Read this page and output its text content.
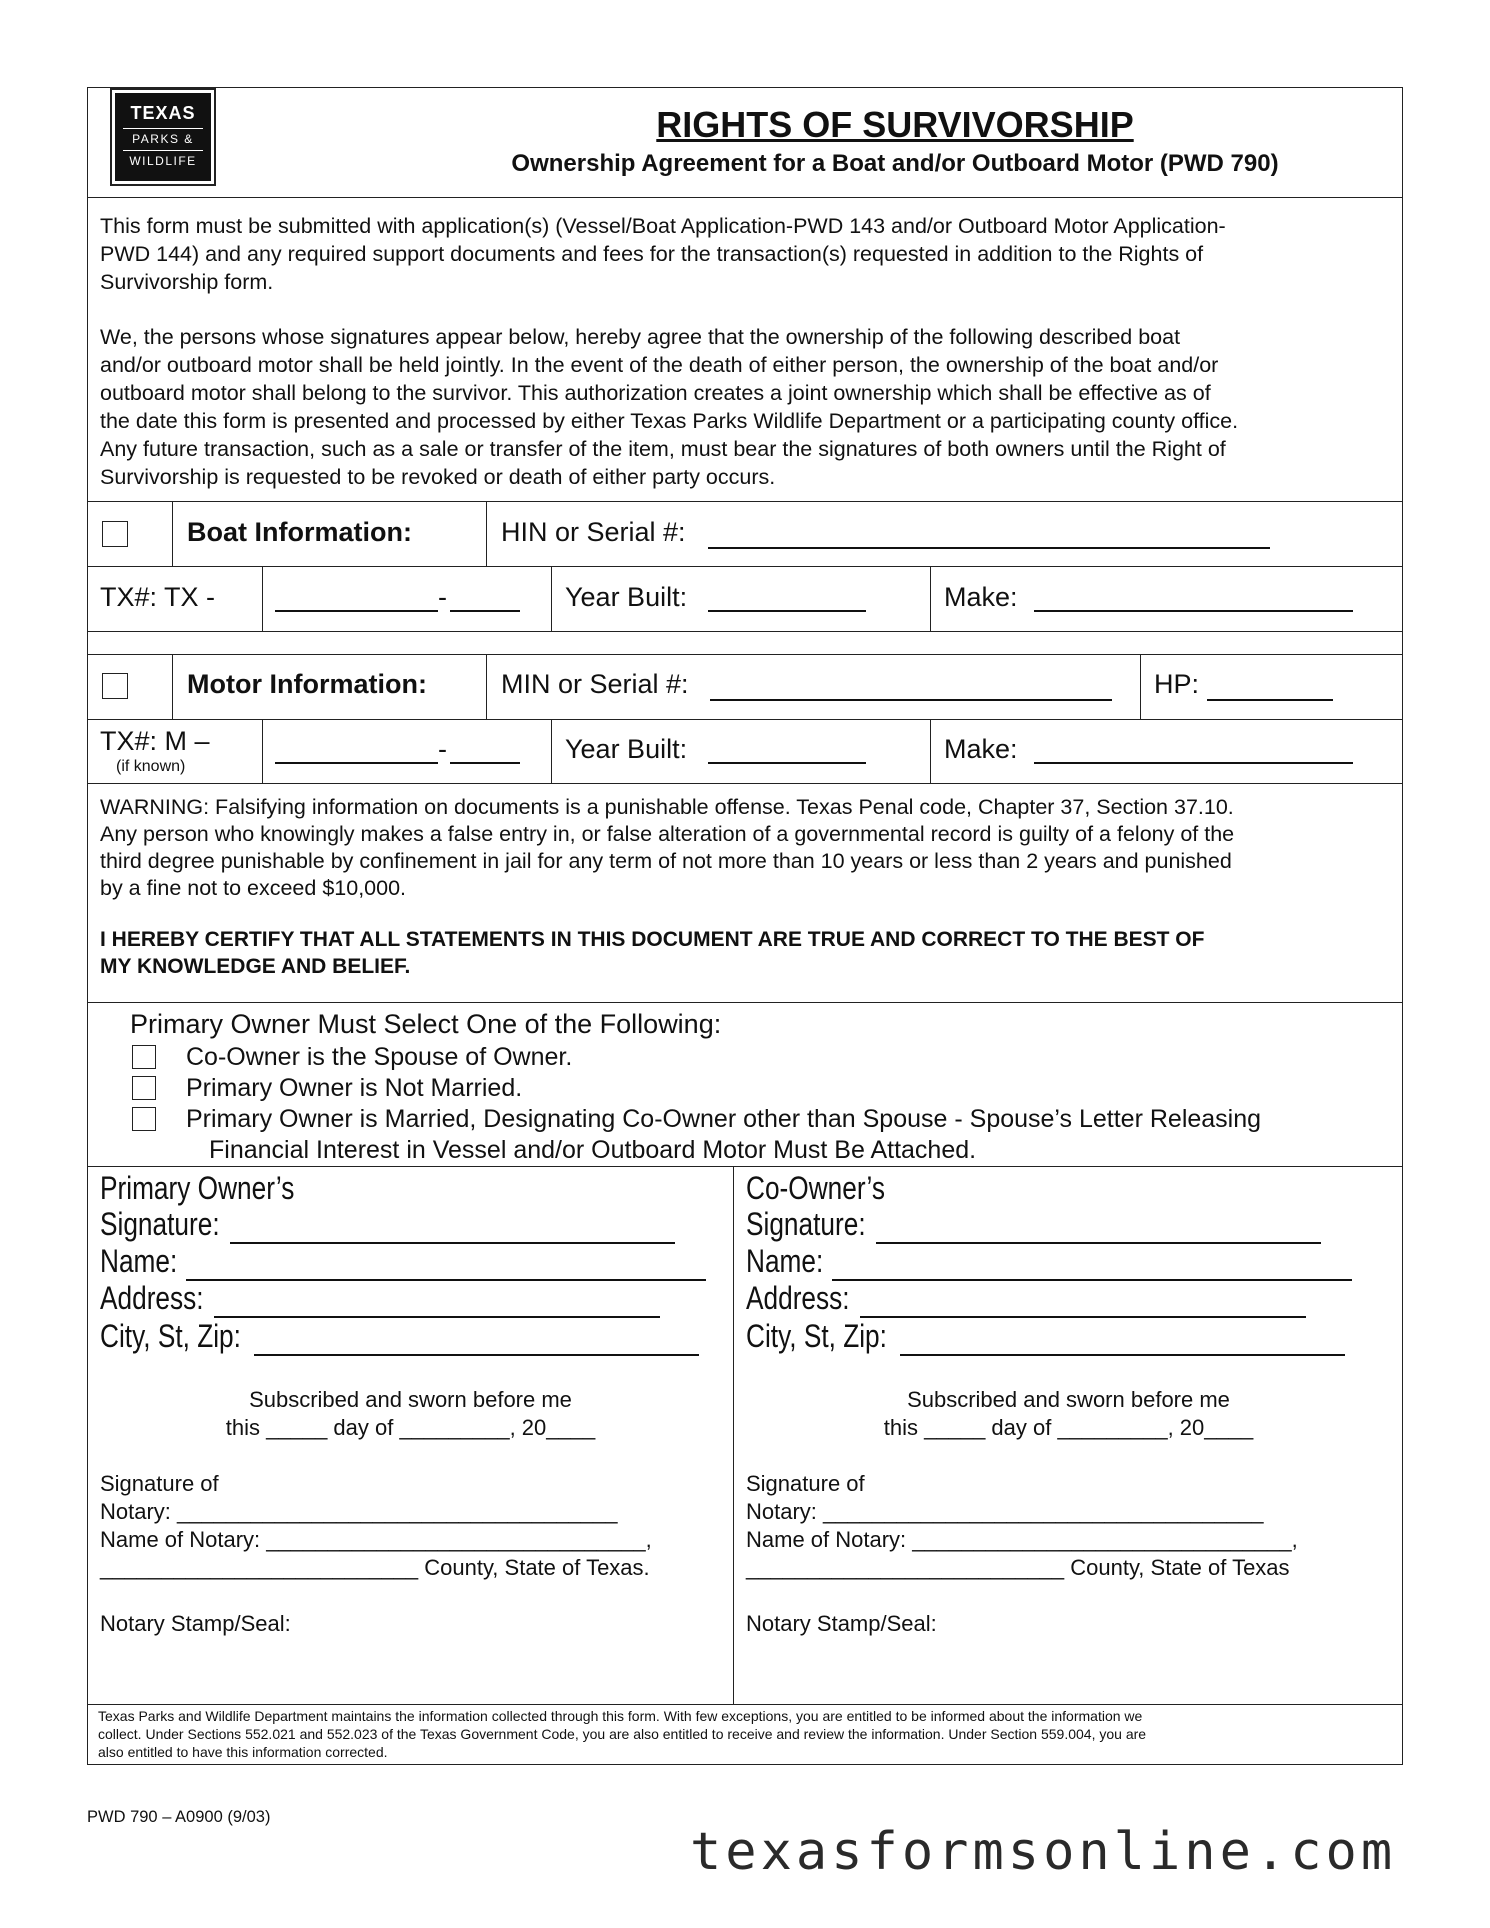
TEXAS
PARKS &
WILDLIFE
RIGHTS OF SURVIVORSHIP
Ownership Agreement for a Boat and/or Outboard Motor (PWD 790)
This form must be submitted with application(s) (Vessel/Boat Application-PWD 143 and/or Outboard Motor Application-
PWD 144) and any required support documents and fees for the transaction(s) requested in addition to the Rights of
Survivorship form.
We, the persons whose signatures appear below, hereby agree that the ownership of the following described boat
and/or outboard motor shall be held jointly. In the event of the death of either person, the ownership of the boat and/or
outboard motor shall belong to the survivor. This authorization creates a joint ownership which shall be effective as of
the date this form is presented and processed by either Texas Parks Wildlife Department or a participating county office.
Any future transaction, such as a sale or transfer of the item, must bear the signatures of both owners until the Right of
Survivorship is requested to be revoked or death of either party occurs.
Boat Information:	HIN or Serial #:
TX#: TX -	-	Year Built:	Make:
Motor Information:	MIN or Serial #:	HP:
TX#: M –
(if known)
-	Year Built:	Make:
WARNING: Falsifying information on documents is a punishable offense. Texas Penal code, Chapter 37, Section 37.10.
Any person who knowingly makes a false entry in, or false alteration of a governmental record is guilty of a felony of the
third degree punishable by confinement in jail for any term of not more than 10 years or less than 2 years and punished
by a fine not to exceed $10,000.
I HEREBY CERTIFY THAT ALL STATEMENTS IN THIS DOCUMENT ARE TRUE AND CORRECT TO THE BEST OF
MY KNOWLEDGE AND BELIEF.
Primary Owner Must Select One of the Following:
Co-Owner is the Spouse of Owner.
Primary Owner is Not Married.
Primary Owner is Married, Designating Co-Owner other than Spouse - Spouse’s Letter Releasing
Financial Interest in Vessel and/or Outboard Motor Must Be Attached.
Primary Owner’s
Signature:
Name:
Address:
City, St, Zip:
Subscribed and sworn before me
this _____ day of _________, 20____
Signature of
Notary: ____________________________________
Name of Notary: _______________________________,
__________________________ County, State of Texas.
Notary Stamp/Seal:
Co-Owner’s
Signature:
Name:
Address:
City, St, Zip:
Subscribed and sworn before me
this _____ day of _________, 20____
Signature of
Notary: ____________________________________
Name of Notary: _______________________________,
__________________________ County, State of Texas
Notary Stamp/Seal:
Texas Parks and Wildlife Department maintains the information collected through this form. With few exceptions, you are entitled to be informed about the information we
collect. Under Sections 552.021 and 552.023 of the Texas Government Code, you are also entitled to receive and review the information. Under Section 559.004, you are
also entitled to have this information corrected.
PWD 790 – A0900 (9/03)
texasformsonline.com
